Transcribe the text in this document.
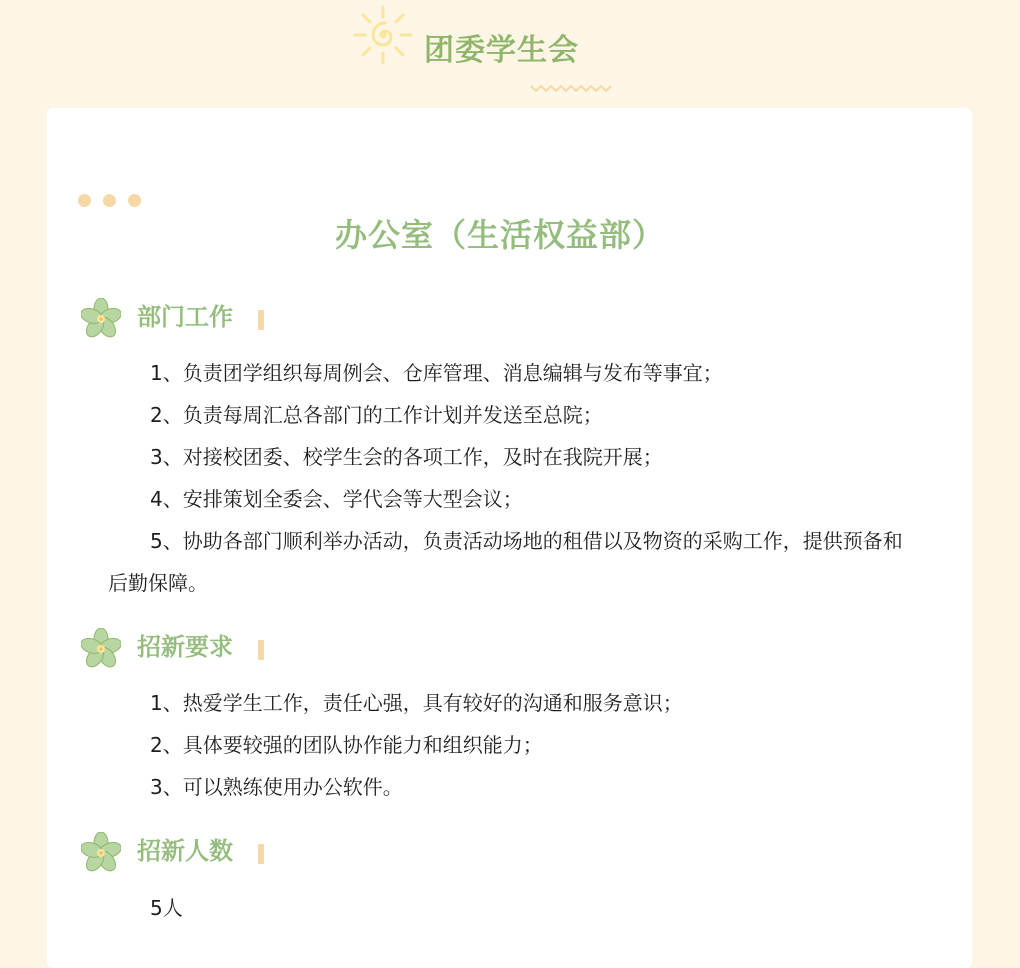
团委学生会
办公室（生活权益部）
部门工作

1、负责团学组织每周例会、仓库管理、消息编辑与发布等事宜；

2、负责每周汇总各部门的工作计划并发送至总院；

3、对接校团委、校学生会的各项工作，及时在我院开展；

4、安排策划全委会、学代会等大型会议；

5、协助各部门顺利举办活动，负责活动场地的租借以及物资的采购工作，提供预备和后勤保障。

招新要求

1、热爱学生工作，责任心强，具有较好的沟通和服务意识；

2、具体要较强的团队协作能力和组织能力；

3、可以熟练使用办公软件。

招新人数

5人
